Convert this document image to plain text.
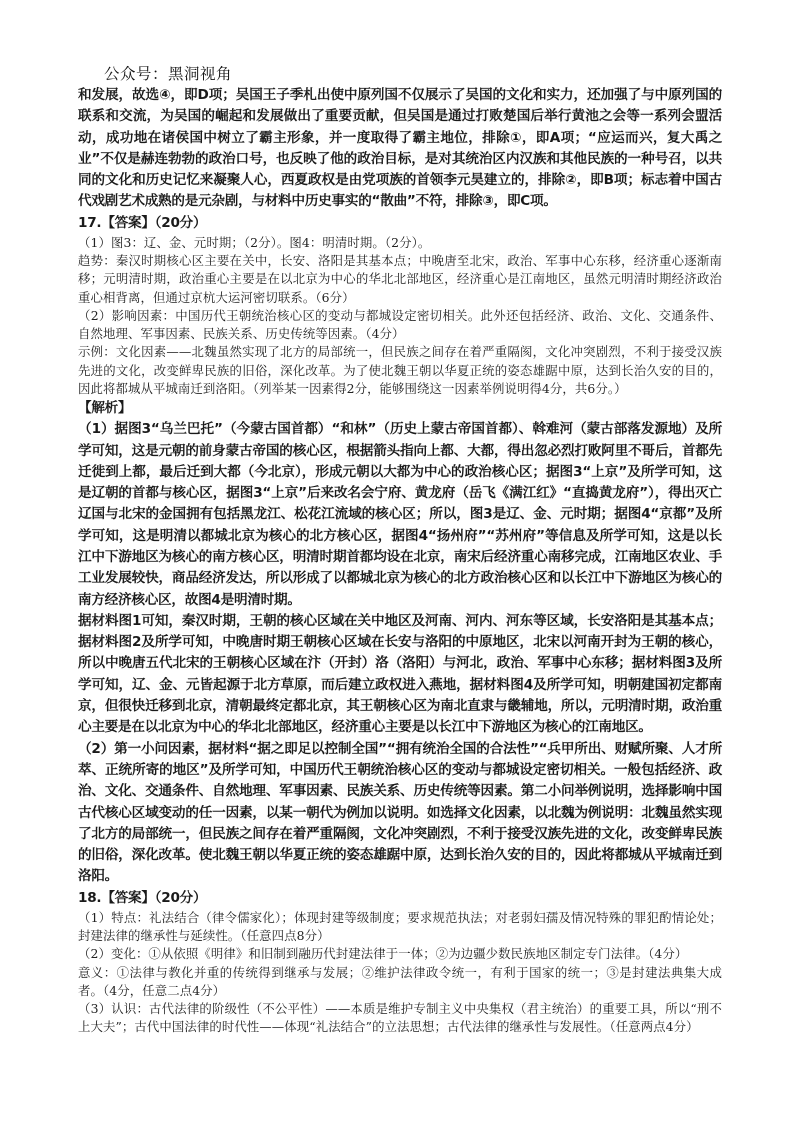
公众号：黑洞视角

和发展，故选④，即D项；吴国王子季札出使中原列国不仅展示了吴国的文化和实力，还加强了与中原列国的联系和交流，为吴国的崛起和发展做出了重要贡献，但吴国是通过打败楚国后举行黄池之会等一系列会盟活动，成功地在诸侯国中树立了霸主形象，并一度取得了霸主地位，排除①，即A项；“应运而兴，复大禹之业”不仅是赫连勃勃的政治口号，也反映了他的政治目标，是对其统治区内汉族和其他民族的一种号召，以共同的文化和历史记忆来凝聚人心，西夏政权是由党项族的首领李元昊建立的，排除②，即B项；标志着中国古代戏剧艺术成熟的是元杂剧，与材料中历史事实的“散曲”不符，排除③，即C项。

17.【答案】（20分）

（1）图3：辽、金、元时期；（2分）。图4：明清时期。（2分）。

趋势：秦汉时期核心区主要在关中，长安、洛阳是其基本点；中晚唐至北宋，政治、军事中心东移，经济重心逐渐南移；元明清时期，政治重心主要是在以北京为中心的华北北部地区，经济重心是江南地区，虽然元明清时期经济政治重心相背离，但通过京杭大运河密切联系。（6分）

（2）影响因素：中国历代王朝统治核心区的变动与都城设定密切相关。此外还包括经济、政治、文化、交通条件、自然地理、军事因素、民族关系、历史传统等因素。（4分）

示例：文化因素——北魏虽然实现了北方的局部统一，但民族之间存在着严重隔阂，文化冲突剧烈，不利于接受汉族先进的文化，改变鲜卑民族的旧俗，深化改革。为了使北魏王朝以华夏正统的姿态雄踞中原，达到长治久安的目的，因此将都城从平城南迁到洛阳。（列举某一因素得2分，能够围绕这一因素举例说明得4分，共6分。）

【解析】

（1）据图3“乌兰巴托”（今蒙古国首都）“和林”（历史上蒙古帝国首都）、斡难河（蒙古部落发源地）及所学可知，这是元朝的前身蒙古帝国的核心区，根据箭头指向上都、大都，得出忽必烈打败阿里不哥后，首都先迁徙到上都，最后迁到大都（今北京），形成元朝以大都为中心的政治核心区；据图3“上京”及所学可知，这是辽朝的首都与核心区，据图3“上京”后来改名会宁府、黄龙府（岳飞《满江红》“直捣黄龙府”），得出灭亡辽国与北宋的金国拥有包括黑龙江、松花江流域的核心区；所以，图3是辽、金、元时期；据图4“京都”及所学可知，这是明清以都城北京为核心的北方核心区，据图4“扬州府”“苏州府”等信息及所学可知，这是以长江中下游地区为核心的南方核心区，明清时期首都均设在北京，南宋后经济重心南移完成，江南地区农业、手工业发展较快，商品经济发达，所以形成了以都城北京为核心的北方政治核心区和以长江中下游地区为核心的南方经济核心区，故图4是明清时期。

据材料图1可知，秦汉时期，王朝的核心区域在关中地区及河南、河内、河东等区域，长安洛阳是其基本点；据材料图2及所学可知，中晚唐时期王朝核心区域在长安与洛阳的中原地区，北宋以河南开封为王朝的核心，所以中晚唐五代北宋的王朝核心区域在汴（开封）洛（洛阳）与河北，政治、军事中心东移；据材料图3及所学可知，辽、金、元皆起源于北方草原，而后建立政权进入燕地，据材料图4及所学可知，明朝建国初定都南京，但很快迁移到北京，清朝最终定都北京，其王朝核心区为南北直隶与畿辅地，所以，元明清时期，政治重心主要是在以北京为中心的华北北部地区，经济重心主要是以长江中下游地区为核心的江南地区。

（2）第一小问因素，据材料“据之即足以控制全国”“拥有统治全国的合法性”“兵甲所出、财赋所聚、人才所萃、正统所寄的地区”及所学可知，中国历代王朝统治核心区的变动与都城设定密切相关。一般包括经济、政治、文化、交通条件、自然地理、军事因素、民族关系、历史传统等因素。第二小问举例说明，选择影响中国古代核心区域变动的任一因素，以某一朝代为例加以说明。如选择文化因素，以北魏为例说明：北魏虽然实现了北方的局部统一，但民族之间存在着严重隔阂，文化冲突剧烈，不利于接受汉族先进的文化，改变鲜卑民族的旧俗，深化改革。使北魏王朝以华夏正统的姿态雄踞中原，达到长治久安的目的，因此将都城从平城南迁到洛阳。

18.【答案】（20分）

（1）特点：礼法结合（律令儒家化）；体现封建等级制度；要求规范执法；对老弱妇孺及情况特殊的罪犯酌情论处；封建法律的继承性与延续性。（任意四点8分）

（2）变化：①从依照《明律》和旧制到融历代封建法律于一体；②为边疆少数民族地区制定专门法律。（4分）

意义：①法律与教化并重的传统得到继承与发展；②维护法律政令统一，有利于国家的统一；③是封建法典集大成者。（4分，任意二点4分）

（3）认识：古代法律的阶级性（不公平性）——本质是维护专制主义中央集权（君主统治）的重要工具，所以“刑不上大夫”；古代中国法律的时代性——体现“礼法结合”的立法思想；古代法律的继承性与发展性。（任意两点4分）
